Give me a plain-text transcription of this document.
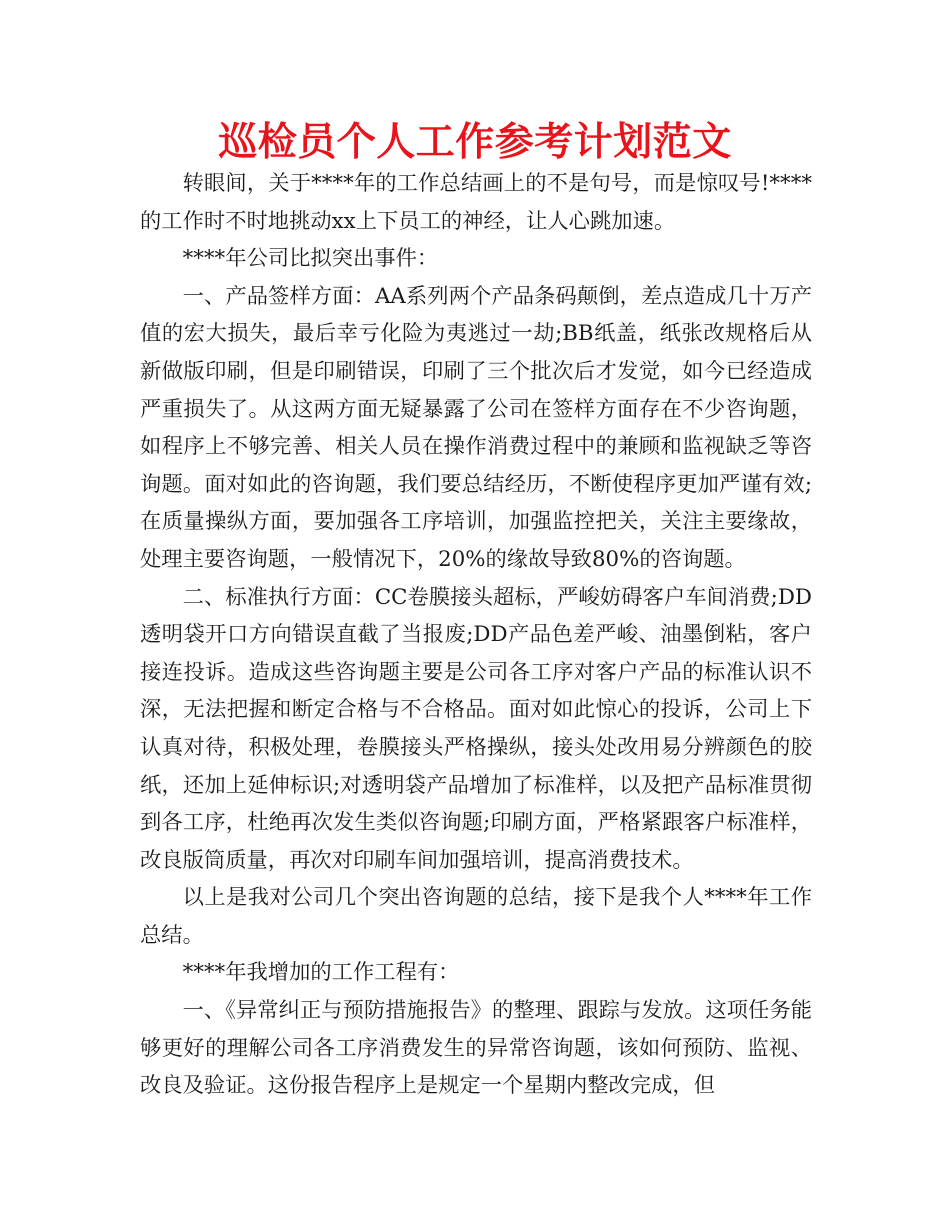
巡检员个人工作参考计划范文

转眼间，关于****年的工作总结画上的不是句号，而是惊叹号!****的工作时不时地挑动xx上下员工的神经，让人心跳加速。

****年公司比拟突出事件：

一、产品签样方面：AA系列两个产品条码颠倒，差点造成几十万产值的宏大损失，最后幸亏化险为夷逃过一劫;BB纸盖，纸张改规格后从新做版印刷，但是印刷错误，印刷了三个批次后才发觉，如今已经造成严重损失了。从这两方面无疑暴露了公司在签样方面存在不少咨询题，如程序上不够完善、相关人员在操作消费过程中的兼顾和监视缺乏等咨询题。面对如此的咨询题，我们要总结经历，不断使程序更加严谨有效;在质量操纵方面，要加强各工序培训，加强监控把关，关注主要缘故，处理主要咨询题，一般情况下，20%的缘故导致80%的咨询题。

二、标准执行方面：CC卷膜接头超标，严峻妨碍客户车间消费;DD透明袋开口方向错误直截了当报废;DD产品色差严峻、油墨倒粘，客户接连投诉。造成这些咨询题主要是公司各工序对客户产品的标准认识不深，无法把握和断定合格与不合格品。面对如此惊心的投诉，公司上下认真对待，积极处理，卷膜接头严格操纵，接头处改用易分辨颜色的胶纸，还加上延伸标识;对透明袋产品增加了标准样，以及把产品标准贯彻到各工序，杜绝再次发生类似咨询题;印刷方面，严格紧跟客户标准样，改良版筒质量，再次对印刷车间加强培训，提高消费技术。

以上是我对公司几个突出咨询题的总结，接下是我个人****年工作总结。

****年我增加的工作工程有：

一、《异常纠正与预防措施报告》的整理、跟踪与发放。这项任务能够更好的理解公司各工序消费发生的异常咨询题，该如何预防、监视、改良及验证。这份报告程序上是规定一个星期内整改完成，但
